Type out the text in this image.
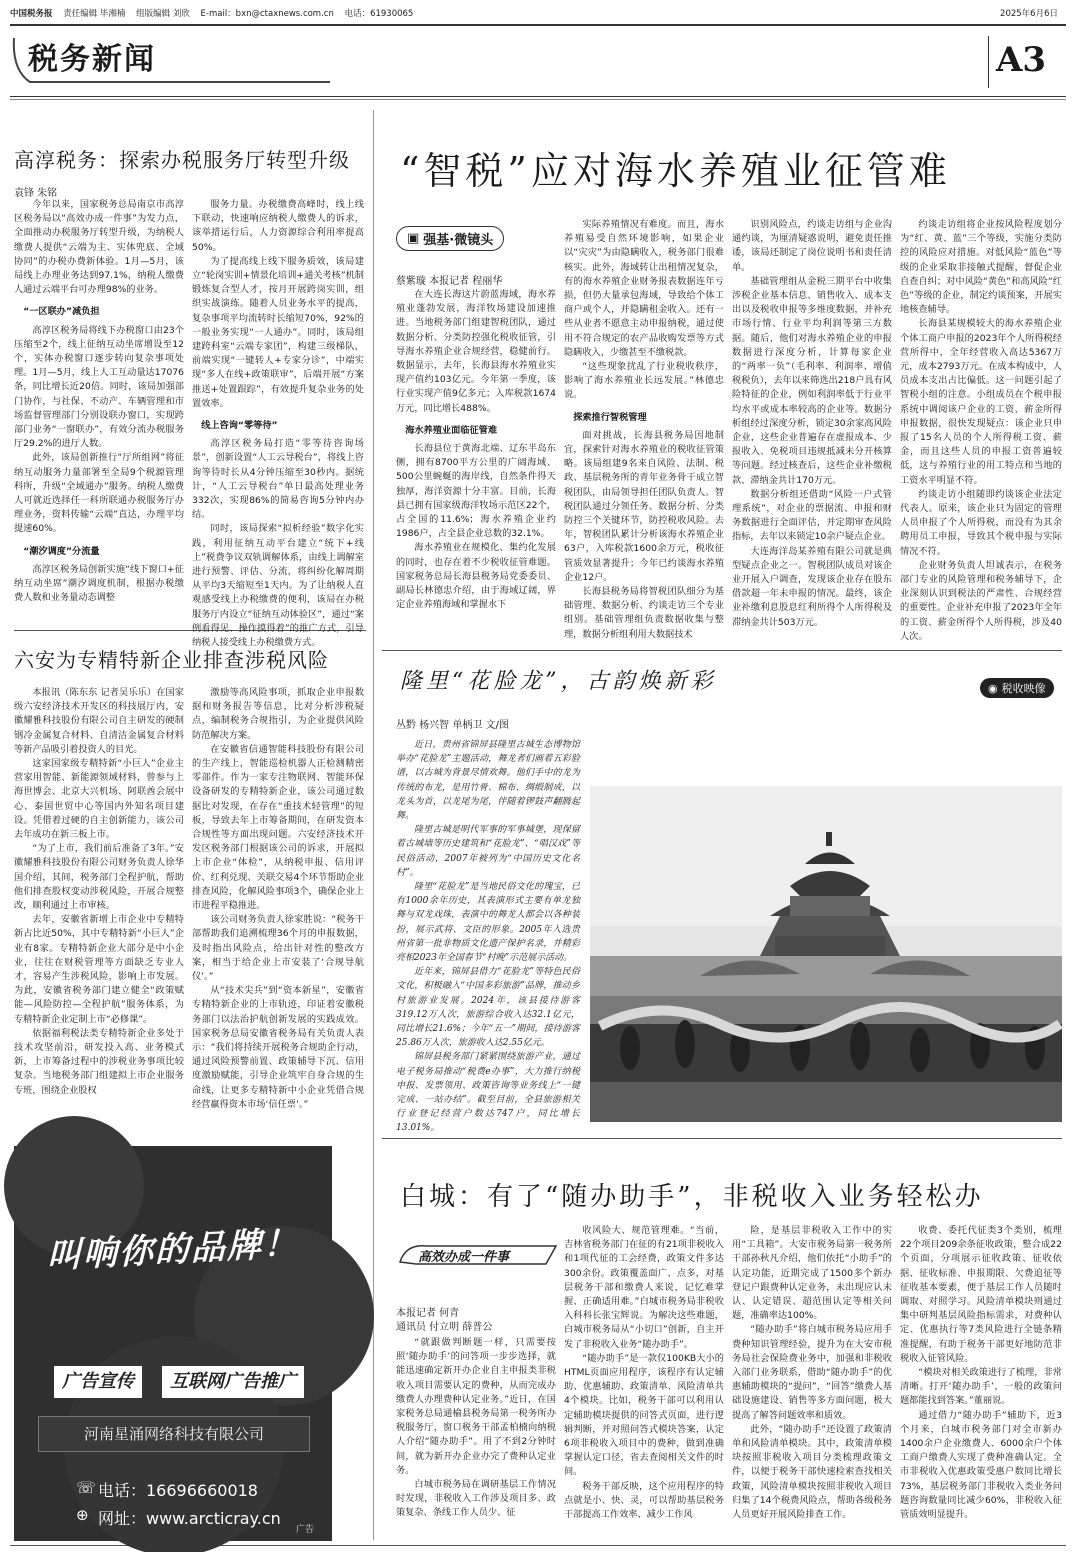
中国税务报 责任编辑 毕湘楠 组版编辑 刘欣 E-mail：bxn@ctaxnews.com.cn 电话：61930065	2025年6月6日
税务新闻	A3
高淳税务：探索办税服务厅转型升级
袁锋 朱铭

今年以来，国家税务总局南京市高淳区税务局以“高效办成一件事”为发力点，全面推动办税服务厅转型升级，为纳税人缴费人提供“云端为主、实体兜底、全域协同”的办税办费新体验。1月—5月，该局线上办理业务达到97.1%，纳税人缴费人通过云端平台可办理98%的业务。

“一区联办”减负担

高淳区税务局将线下办税窗口由23个压缩至2个，线上征纳互动坐席增设至12个，实体办税窗口逐步转向复杂事项处理。1月—5月，线上人工互动量达17076条，同比增长近20倍。同时，该局加强部门协作，与社保、不动产、车辆管理和市场监督管理部门分别设联办窗口，实现跨部门业务“一窗联办”，有效分流办税服务厅29.2%的进厅人数。

此外，该局创新推行“厅所组网”将征纳互动服务力量部署至全局9个税源管理科所，升级“全域通办”服务。纳税人缴费人可就近选择任一科所联通办税服务厅办理业务，资料传输“云端”直达，办理平均提速60%。

“潮汐调度”分流量

高淳区税务局创新实施“线下窗口+征纳互动坐席”潮汐调度机制，根据办税缴费人数和业务量动态调整

服务力量。办税缴费高峰时，线上线下联动，快速响应纳税人缴费人的诉求，该举措运行后，人力资源综合利用率提高50%。

为了提高线上线下服务质效，该局建立“轮岗实训+情景化培训+通关考核”机制锻炼复合型人才，按月开展跨岗实训，组织实战演练。随着人员业务水平的提高，复杂事项平均流转时长缩短70%，92%的一般业务实现“一人通办”。同时，该局组建跨科室“云端专家团”，构建三级梯队，前端实现“一键转人+专家分诊”，中端实现“多人在线+政策联审”，后端开展“方案推送+处置跟踪”，有效提升复杂业务的处置效率。

线上咨询“零等待”

高淳区税务局打造“零等待咨询场景”，创新设置“人工云导税台”，将线上咨询等待时长从4分钟压缩至30秒内。据统计，“人工云导税台”单日最高处理业务332次，实现86%的简易咨询5分钟内办结。

同时，该局探索“拟析经验”数字化实践，利用征纳互动平台建立“统下+线上”税费争议双轨调解体系，由线上调解室进行预警、评估、分流，将纠纷化解周期从平均3天缩短至1天内。为了让纳税人直观感受线上办税缴费的便利，该局在办税服务厅内设立“征纳互动体验区”，通过“案例看得见、操作摸得着”的推广方式，引导纳税人接受线上办税缴费方式。

六安为专精特新企业排查涉税风险

本报讯（陈东东 记者吴乐乐）在国家级六安经济技术开发区的科技展厅内，安徽耀雅科技股份有限公司自主研发的硬制钢冷金属复合材料、自清洁金属复合材料等新产品吸引着投资人的目光。

这家国家级专精特新“小巨人”企业主营家用智能、新能源领域材料，曾参与上海世博会、北京大兴机场、阿联酋会展中心、泰国世贸中心等国内外知名项目建设。凭借着过硬的自主创新能力，该公司去年成功在新三板上市。

“为了上市，我们前后准备了3年。”安徽耀雅科技股份有限公司财务负责人徐华国介绍，其间，税务部门全程护航，帮助他们排查股权变动涉税风险，开展合规整改，顺利通过上市审核。

去年，安徽省新增上市企业中专精特新占比近50%，其中专精特新“小巨人”企业有8家。专精特新企业大部分是中小企业，往往在财税管理等方面缺乏专业人才，容易产生涉税风险，影响上市发展。为此，安徽省税务部门建立健全“政策赋能—风险防控—全程护航”服务体系，为专精特新企业定制上市“必修课”。

依据福利税法类专精特新企业多处于技术攻坚前沿，研发投入高、业务模式新，上市筹备过程中的涉税业务事项比较复杂。当地税务部门组建拟上市企业服务专班，围绕企业股权

激励等高风险事项，抓取企业申报数据和财务报告等信息，比对分析涉税疑点，编制税务合规指引，为企业提供风险防范解决方案。

在安徽省信通智能科技股份有限公司的生产线上，智能巡检机器人正检测精密零部件。作为一家专注物联网、智能环保设备研发的专精特新企业，该公司通过数据比对发现，在存在“重技术轻管理”的短板，导致去年上市筹备期间，在研发资本合规性等方面出现问题。六安经济技术开发区税务部门根据该公司的诉求，开展拟上市企业“体检”，从纳税申报、信用评价、红利兑现、关联交易4个环节帮助企业排查风险，化解风险事项3个，确保企业上市进程平稳推进。

该公司财务负责人徐家胜说：“税务干部帮助我们追溯梳理36个月的申报数据，及时指出风险点，给出针对性的整改方案，相当于给企业上市安装了‘合规导航仪’。”

从“技术尖兵”到“资本新星”，安徽省专精特新企业的上市轨迹，印证着安徽税务部门以法治护航创新发展的实践成效。国家税务总局安徽省税务局有关负责人表示：“我们将持续开展税务合规助企行动，通过风险预警前置、政策辅导下沉、信用度激励赋能，引导企业筑牢自身合规的生命线，让更多专精特新中小企业凭借合规经营赢得资本市场‘信任票’。”

叫响你的品牌！
广告宣传	互联网广告推广
河南星涌网络科技有限公司
☏ 电话：16696660018
⊕ 网址：www.arcticray.cn
广告
“智税”应对海水养殖业征管难
▣ 强基·微镜头
蔡紫璇 本报记者 程丽华

在大连长海这片蔚蓝海域，海水养殖业蓬勃发展，海洋牧场建设加速推进。当地税务部门组建智税团队，通过数据分析、分类防控强化税收征管，引导海水养殖企业合规经营，稳健前行。数据显示，去年，长海县海水养殖业实现产值约103亿元。今年第一季度，该行业实现产值9亿多元；入库税款1674万元，同比增长488%。

海水养殖业面临征管难

长海县位于黄海北端、辽东半岛东侧，拥有8700平方公里的广阔海域、500公里蜿蜒的海岸线，自然条件得天独厚，海洋资源十分丰富。目前，长海县已拥有国家级海洋牧场示范区22个，占全国的11.6%；海水养殖企业约1986户，占全县企业总数的32.1%。

海水养殖业在规模化、集约化发展的同时，也存在着不少税收征管难题。国家税务总局长海县税务局党委委员、副局长林德忠介绍，由于海域辽阔，界定企业养殖海域和掌握水下

实际养殖情况有难度。而且，海水养殖易受自然环境影响，如果企业以“灾灾”为由隐瞒收入，税务部门很难核实。此外，海域转让出租情况复杂，有的海水养殖企业财务报表数据连年亏损，但仍大量承包海域，导致给个体工商户或个人，并隐瞒租金收入。还有一些从业者不愿意主动申报纳税，通过使用不符合规定的农产品收购发票等方式隐瞒收入，少缴甚至不缴税款。

“这些现象扰乱了行业税收秩序，影响了海水养殖业长远发展。”林德忠说。

探索推行智税管理

面对挑战，长海县税务局因地制宜，探索针对海水养殖业的税收征管策略。该局组建9名来自风险、法制、税政、基层税务所的青年业务骨干成立智税团队，由局领导担任团队负责人。智税团队通过分领任务、数据分析、分类防控三个关键环节，防控税收风险。去年，智税团队累计分析该海水养殖企业63户，入库税款1600余万元，税收征管质效显著提升；今年已约谈海水养殖企业12户。

长海县税务局将智税团队细分为基础管理、数据分析、约谈走访三个专业组别。基础管理组负责数据收集与整理，数据分析组利用大数据技术

识别风险点，约谈走访组与企业沟通约谈，为厘清疑惑说明，避免责任推诿，该局还制定了岗位说明书和责任清单。

基础管理组从金税三期平台中收集涉税企业基本信息、销售收入、成本支出以及税收申报等多维度数据，并补充市场行情、行业平均利润等第三方数据。随后，他们对海水养殖企业的申报数据进行深度分析，计算每家企业的“两率一负”（毛利率、利润率、增值税税负），去年以来筛选出218户具有风险特征的企业，例如利润率低于行业平均水平或成本率较高的企业等。数据分析组经过深度分析，锁定30余家高风险企业，这些企业普遍存在虚报成本、少报收入、免税项目违规抵减未分开核算等问题。经过核查后，这些企业补缴税款、滞纳金共计170万元。

数据分析组还借助“风险一户式管理系统”，对企业的票据流、申报和财务数据进行全面评估，并定期审查风险指标，去年以来锁定10余户疑点企业。

大连海洋岛某养殖有限公司就是典型疑点企业之一。智税团队成员对该企业开展入户调查，发现该企业存在股东借款超一年未申报的情况。最终，该企业补缴利息股息红利所得个人所得税及滞纳金共计503万元。

约谈走访组将企业按风险程度划分为“红、黄、蓝”三个等级，实施分类防控的风险应对措施。对低风险“蓝色”等级的企业采取非接触式提醒，督促企业自查自纠；对中风险“黄色”和高风险“红色”等级的企业，制定约谈预案，开展实地核查辅导。

长海县某规模较大的海水养殖企业个体工商户申报的2023年个人所得税经营所得中，全年经营收入高达5367万元，成本2793万元。在成本构成中，人员成本支出占比偏低。这一问题引起了智税小组的注意。小组成员在个税申报系统中调阅该户企业的工资、薪金所得申报数据，很快发现疑点：该企业只申报了15名人员的个人所得税工资、薪金，而且这些人员的申报工资普遍较低，这与养殖行业的用工特点和当地的工资水平明显不符。

约谈走访小组随即约谈该企业法定代表人。原来，该企业只为固定的管理人员申报了个人所得税，而没有为其余聘用员工申报，导致其个税申报与实际情况不符。

企业财务负责人坦诚表示，在税务部门专业的风险管理和税务辅导下，企业深刻认识到税法的严肃性、合规经营的重要性。企业补充申报了2023年全年的工资、薪金所得个人所得税，涉及40人次。

隆里“花脸龙”，古韵焕新彩	◉ 税收映像
丛黔 杨兴智 单柄卫 文/图

近日，贵州省锦屏县隆里古城生态博物馆举办“花脸龙”主题活动，舞龙者们画着五彩脸谱，以古城为背景尽情欢舞。他们手中的龙为传统的布龙，是用竹骨、棉布、绸缎制成，以龙头为首，以龙尾为尾，伴随着锣鼓声翻腾起舞。

隆里古城是明代军事的军事城堡，现保留着古城墙等历史建筑和“花脸龙”、“唱汉戏”等民俗活动，2007年被列为“中国历史文化名村”。

隆里“花脸龙”是当地民俗文化的瑰宝，已有1000余年历史，其表演形式主要有单龙独舞与双龙戏珠，表演中的舞龙人都会以各种装扮，展示武将、文臣的形象。2005年入选贵州省第一批非物质文化遗产保护名录，并精彩亮相2023年全国春节“村晚”示范展示活动。

近年来，锦屏县借力“花脸龙”等特色民俗文化，积极融入“中国多彩旅游”品牌，推动乡村旅游业发展。2024年，该县接待游客319.12万人次，旅游综合收入达32.1亿元，同比增长21.6%；今年“五一”期间，接待游客25.86万人次，旅游收入达2.55亿元。

锦屏县税务部门紧紧围绕旅游产业，通过电子税务局推动“税费e办事”，大力推行纳税申报、发票领用、政策咨询等业务线上“一键完成、一站办结”。截至目前，全县旅游相关行业登记经营户数达747户，同比增长13.01%。

白城：有了“随办助手”，非税收入业务轻松办
高效办成一件事
本报记者 何青
通讯员 付立明 薛普公

“就跟做判断题一样，只需要按照‘随办助手’的问答项一步步选择，就能迅速确定新开办企业自主申报类非税收入项目需要认定的费种，从而完成办缴费人办理费种认定业务。”近日，在国家税务总局通榆县税务局第一税务所办税服务厅，窗口税务干部孟柏楠向纳税人介绍“随办助手”。用了不到2分钟时间，就为新开办企业办完了费种认定业务。

白城市税务局在调研基层工作情况时发现，非税收入工作涉及项目多、政策复杂、条线工作人员少、征

收风险大、规范管理难。“当前，吉林省税务部门在征的有21项非税收入和1项代征的工会经费，政策文件多达300余份。政策覆盖面广、点多，对基层税务干部和缴费人来说，记忆难掌握、正确适用难。”白城市税务局非税收入科科长张宝辉说。为解决这些难题，白城市税务局从“小切口”创新，自主开发了非税收入业务“随办助手”。

“随办助手”是一款仅100KB大小的HTML页面应用程序，该程序有认定辅助、优惠辅助、政策清单、风险清单共4个模块。比如，税务干部可以利用认定辅助模块提供的问答式页面，进行逻辑判断，并对照问答式模块答案，认定6项非税收入项目中的费种，做到准确掌握认定口径，省去查阅相关文件的时间。

税务干部反映，这个应用程序的特点就是小、快、灵，可以帮助基层税务干部提高工作效率、减少工作风

险，是基层非税收入工作中的实用“工具箱”。大安市税务局第一税务所干部孙秋凡介绍，他们依托“小助手”的认定功能，近期完成了1500多个新办登记户跟费种认定业务，未出现应认未认、认定错误、超范围认定等相关问题，准确率达100%。

“随办助手”将白城市税务局应用手费种知识管理经验，提升为在大安市税务局社会保险费业务中，加强和非税收入部门业务联系，借助“随办助手”的优惠辅助模块的“提问”，“回答”缴费人基础设施建设、销售等多方面问题，极大提高了解答问题效率和质效。

此外，“随办助手”还设置了政策清单和风险清单模块。其中，政策清单模块按照非税收入项目分类梳理政策文件，以便于税务干部快速检索查找相关政策，风险清单模块按照非税收入项目归集了14个税费风险点，帮助各级税务人员更好开展风险排查工作。

收费、委托代征类3个类别，梳理22个项目209余条征收政策，整合成22个页面，分项展示征收政策、征收依据、征收标准、申报期限、欠费追征等征收基本要素，便于基层工作人员随时调取、对照学习。风险清单模块则通过集中研判基层风险指标需求，对费种认定、优惠执行等7类风险进行全链条精准提醒，有助于税务干部更好地防范非税收入征管风险。

“模块对相关政策进行了梳理，非常清晰。打开‘随办助手’，一般的政策问题都能找到答案。”董丽说。

通过借力“随办助手”辅助下，近3个月来，白城市税务部门对全市新办1400余户企业缴费人、6000余户个体工商户缴费人实现了费种准确认定。全市非税收入优惠政策受惠户数同比增长73%，基层税务部门非税收入类业务问题咨询数量同比减少60%，非税收入征管质效明显提升。
